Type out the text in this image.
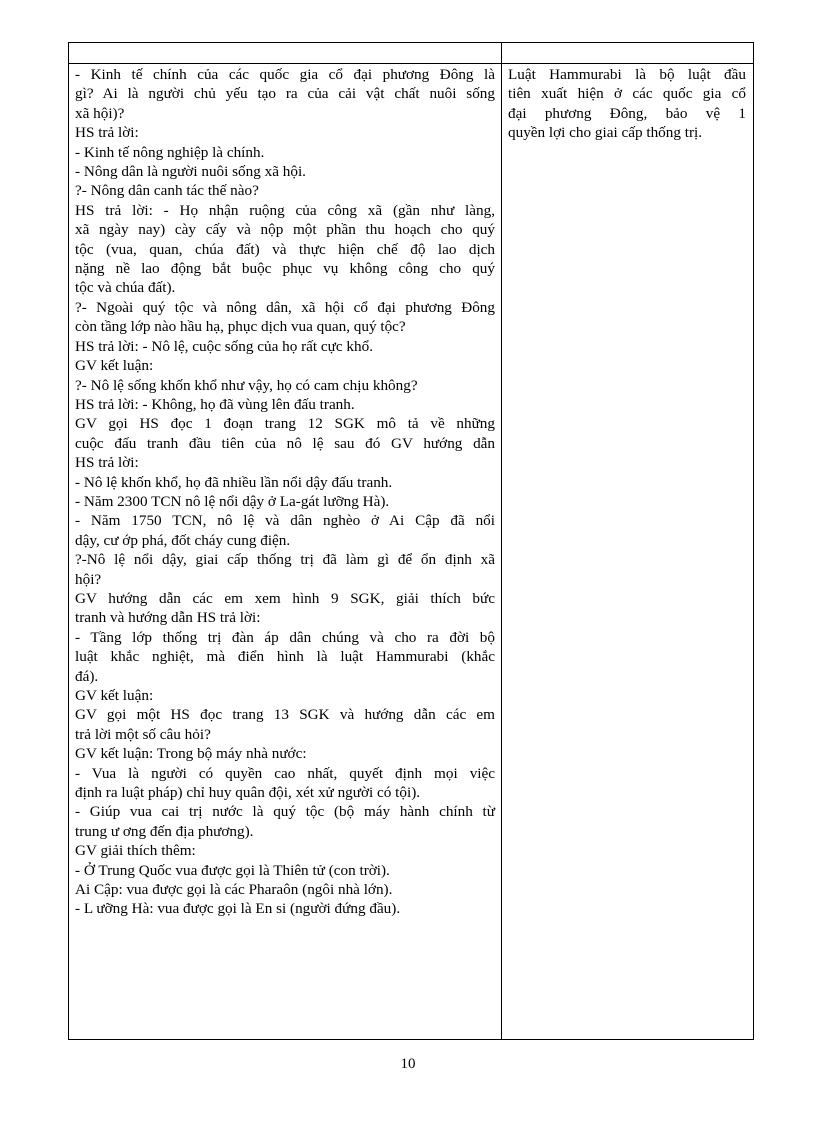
- Kinh tế chính của các quốc gia cổ đại phương Đông là
gì? Ai là người chủ yếu tạo ra của cải vật chất nuôi sống
xã hội)?
HS trả lời:
- Kinh tế nông nghiệp là chính.
- Nông dân là người nuôi sống xã hội.
?- Nông dân canh tác thế nào?
HS trả lời: - Họ nhận ruộng của công xã (gần như làng,
xã ngày nay) cày cấy và nộp một phần thu hoạch cho quý
tộc (vua, quan, chúa đất) và thực hiện chế độ lao dịch
nặng nề lao động bắt buộc phục vụ không công cho quý
tộc và chúa đất).
?- Ngoài quý tộc và nông dân, xã hội cổ đại phương Đông
còn tầng lớp nào hầu hạ, phục dịch vua quan, quý tộc?
HS trả lời: - Nô lệ, cuộc sống của họ rất cực khổ.
GV kết luận:
?- Nô lệ sống khốn khổ như vậy, họ có cam chịu không?
HS trả lời: - Không, họ đã vùng lên đấu tranh.
GV gọi HS đọc 1 đoạn trang 12 SGK mô tả về những
cuộc đấu tranh đầu tiên của nô lệ sau đó GV hướng dẫn
HS trả lời:
- Nô lệ khốn khổ, họ đã nhiều lần nổi dậy đấu tranh.
- Năm 2300 TCN nô lệ nổi dậy ở La-gát lưỡng Hà).
- Năm 1750 TCN, nô lệ và dân nghèo ở Ai Cập đã nổi
dậy, cư ớp phá, đốt cháy cung điện.
?-Nô lệ nổi dậy, giai cấp thống trị đã làm gì để ổn định xã
hội?
GV hướng dẫn các em xem hình 9 SGK, giải thích bức
tranh và hướng dẫn HS trả lời:
- Tầng lớp thống trị đàn áp dân chúng và cho ra đời bộ
luật khắc nghiệt, mà điển hình là luật Hammurabi (khắc
đá).
GV kết luận:
GV gọi một HS đọc trang 13 SGK và hướng dẫn các em
trả lời một số câu hỏi?
GV kết luận: Trong bộ máy nhà nước:
- Vua là người có quyền cao nhất, quyết định mọi việc
định ra luật pháp) chỉ huy quân đội, xét xử người có tội).
- Giúp vua cai trị nước là quý tộc (bộ máy hành chính từ
trung ư ơng đến địa phương).
GV giải thích thêm:
- Ở Trung Quốc vua được gọi là Thiên tử (con trời).
Ai Cập: vua được gọi là các Pharaôn (ngôi nhà lớn).
- L ưỡng Hà: vua được gọi là En si (người đứng đầu).
Luật Hammurabi là bộ luật đầu
tiên xuất hiện ở các quốc gia cổ
đại phương Đông, bảo vệ 1
quyền lợi cho giai cấp thống trị.
10
